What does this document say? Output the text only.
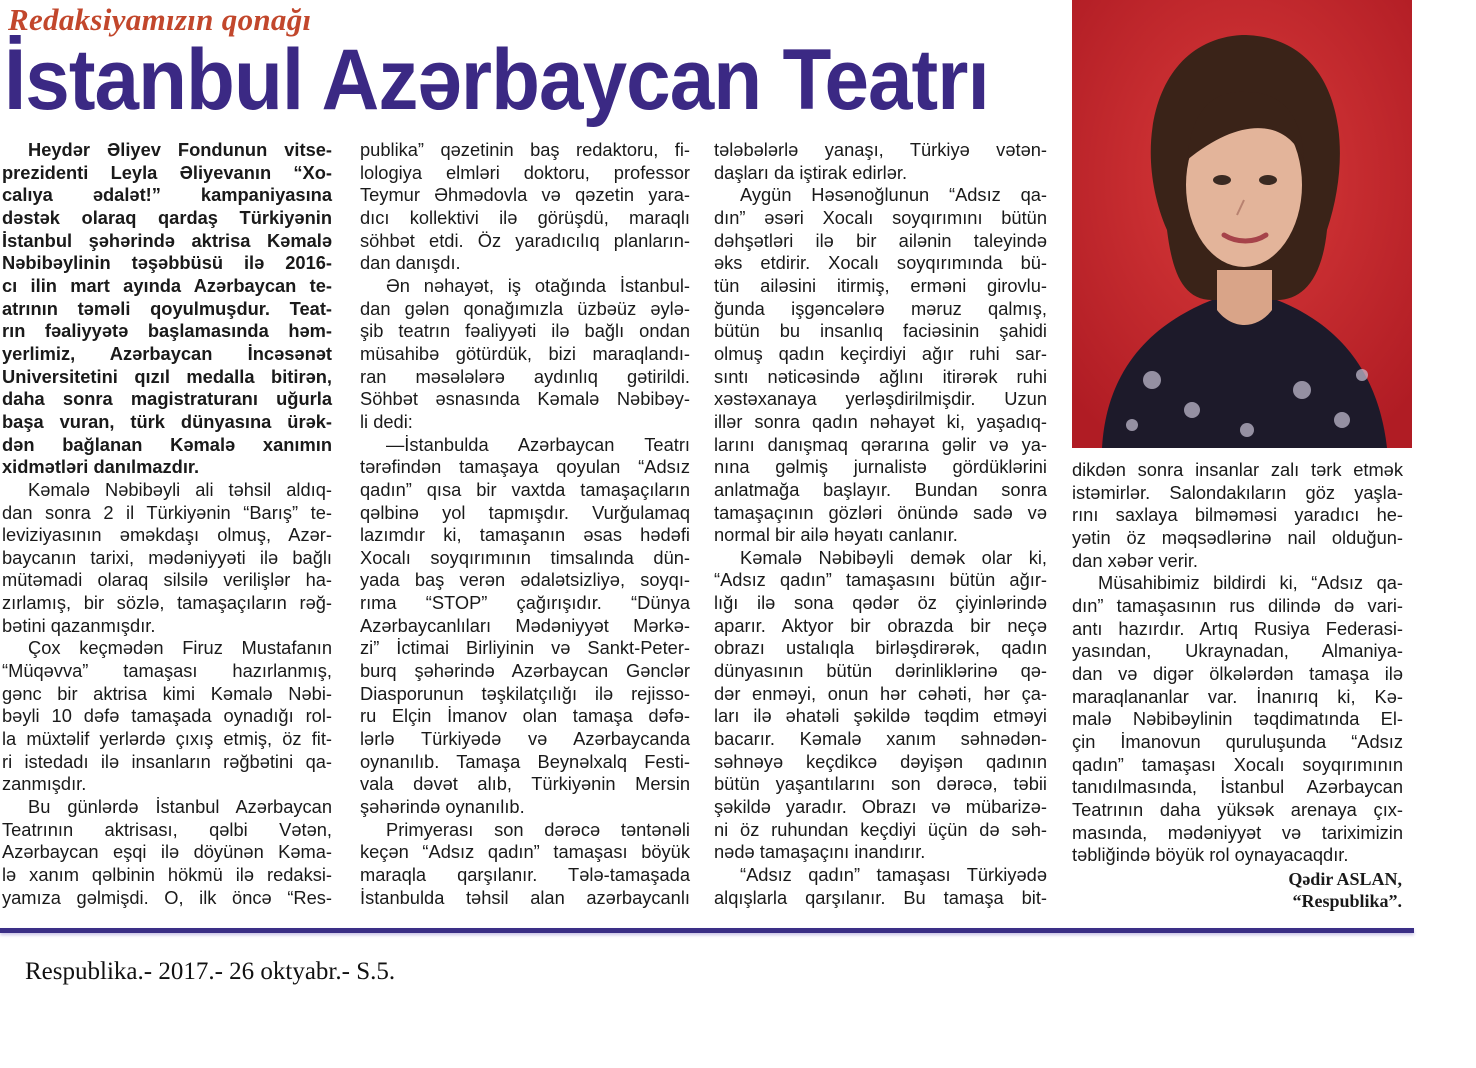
Redaksiyamızın qonağı
İstanbul Azərbaycan Teatrı
Heydər Əliyev Fondunun vitse-
prezidenti Leyla Əliyevanın “Xo-
calıya ədalət!” kampaniyasına
dəstək olaraq qardaş Türkiyənin
İstanbul şəhərində aktrisa Kəmalə
Nəbibəylinin təşəbbüsü ilə 2016-
cı ilin mart ayında Azərbaycan te-
atrının təməli qoyulmuşdur. Teat-
rın fəaliyyətə başlamasında həm-
yerlimiz, Azərbaycan İncəsənət
Universitetini qızıl medalla bitirən,
daha sonra magistraturanı uğurla
başa vuran, türk dünyasına ürək-
dən bağlanan Kəmalə xanımın
xidmətləri danılmazdır.
Kəmalə Nəbibəyli ali təhsil aldıq-
dan sonra 2 il Türkiyənin “Barış” te-
leviziyasının əməkdaşı olmuş, Azər-
baycanın tarixi, mədəniyyəti ilə bağlı
mütəmadi olaraq silsilə verilişlər ha-
zırlamış, bir sözlə, tamaşaçıların rəğ-
bətini qazanmışdır.
Çox keçmədən Firuz Mustafanın
“Müqəvva” tamaşası hazırlanmış,
gənc bir aktrisa kimi Kəmalə Nəbi-
bəyli 10 dəfə tamaşada oynadığı rol-
la müxtəlif yerlərdə çıxış etmiş, öz fit-
ri istedadı ilə insanların rəğbətini qa-
zanmışdır.
Bu günlərdə İstanbul Azərbaycan
Teatrının aktrisası, qəlbi Vətən,
Azərbaycan eşqi ilə döyünən Kəma-
lə xanım qəlbinin hökmü ilə redaksi-
yamıza gəlmişdi. O, ilk öncə “Res-
publika” qəzetinin baş redaktoru, fi-
lologiya elmləri doktoru, professor
Teymur Əhmədovla və qəzetin yara-
dıcı kollektivi ilə görüşdü, maraqlı
söhbət etdi. Öz yaradıcılıq planların-
dan danışdı.
Ən nəhayət, iş otağında İstanbul-
dan gələn qonağımızla üzbəüz əylə-
şib teatrın fəaliyyəti ilə bağlı ondan
müsahibə götürdük, bizi maraqlandı-
ran məsələlərə aydınlıq gətirildi.
Söhbət əsnasında Kəmalə Nəbibəy-
li dedi:
—İstanbulda Azərbaycan Teatrı
tərəfindən tamaşaya qoyulan “Adsız
qadın” qısa bir vaxtda tamaşaçıların
qəlbinə yol tapmışdır. Vurğulamaq
lazımdır ki, tamaşanın əsas hədəfi
Xocalı soyqırımının timsalında dün-
yada baş verən ədalətsizliyə, soyqı-
rıma “STOP” çağırışıdır. “Dünya
Azərbaycanlıları Mədəniyyət Mərkə-
zi” İctimai Birliyinin və Sankt-Peter-
burq şəhərində Azərbaycan Gənclər
Diasporunun təşkilatçılığı ilə rejisso-
ru Elçin İmanov olan tamaşa dəfə-
lərlə Türkiyədə və Azərbaycanda
oynanılıb. Tamaşa Beynəlxalq Festi-
vala dəvət alıb, Türkiyənin Mersin
şəhərində oynanılıb.
Primyerası son dərəcə təntənəli
keçən “Adsız qadın” tamaşası böyük
maraqla qarşılanır. Tələ-tamaşada
İstanbulda təhsil alan azərbaycanlı
tələbələrlə yanaşı, Türkiyə vətən-
daşları da iştirak edirlər.
Aygün Həsənoğlunun “Adsız qa-
dın” əsəri Xocalı soyqırımını bütün
dəhşətləri ilə bir ailənin taleyində
əks etdirir. Xocalı soyqırımında bü-
tün ailəsini itirmiş, erməni girovlu-
ğunda işgəncələrə məruz qalmış,
bütün bu insanlıq faciəsinin şahidi
olmuş qadın keçirdiyi ağır ruhi sar-
sıntı nəticəsində ağlını itirərək ruhi
xəstəxanaya yerləşdirilmişdir. Uzun
illər sonra qadın nəhayət ki, yaşadıq-
larını danışmaq qərarına gəlir və ya-
nına gəlmiş jurnalistə gördüklərini
anlatmağa başlayır. Bundan sonra
tamaşaçının gözləri önündə sadə və
normal bir ailə həyatı canlanır.
Kəmalə Nəbibəyli demək olar ki,
“Adsız qadın” tamaşasını bütün ağır-
lığı ilə sona qədər öz çiyinlərində
aparır. Aktyor bir obrazda bir neçə
obrazı ustalıqla birləşdirərək, qadın
dünyasının bütün dərinliklərinə qə-
dər enməyi, onun hər cəhəti, hər ça-
ları ilə əhatəli şəkildə təqdim etməyi
bacarır. Kəmalə xanım səhnədən-
səhnəyə keçdikcə dəyişən qadının
bütün yaşantılarını son dərəcə, təbii
şəkildə yaradır. Obrazı və mübarizə-
ni öz ruhundan keçdiyi üçün də səh-
nədə tamaşaçını inandırır.
“Adsız qadın” tamaşası Türkiyədə
alqışlarla qarşılanır. Bu tamaşa bit-
dikdən sonra insanlar zalı tərk etmək
istəmirlər. Salondakıların göz yaşla-
rını saxlaya bilməməsi yaradıcı he-
yətin öz məqsədlərinə nail olduğun-
dan xəbər verir.
Müsahibimiz bildirdi ki, “Adsız qa-
dın” tamaşasının rus dilində də vari-
antı hazırdır. Artıq Rusiya Federasi-
yasından, Ukraynadan, Almaniya-
dan və digər ölkələrdən tamaşa ilə
maraqlananlar var. İnanırıq ki, Kə-
malə Nəbibəylinin təqdimatında El-
çin İmanovun quruluşunda “Adsız
qadın” tamaşası Xocalı soyqırımının
tanıdılmasında, İstanbul Azərbaycan
Teatrının daha yüksək arenaya çıx-
masında, mədəniyyət və tariximizin
təbliğində böyük rol oynayacaqdır.
Qədir ASLAN,
“Respublika”.
Respublika.- 2017.- 26 oktyabr.- S.5.
